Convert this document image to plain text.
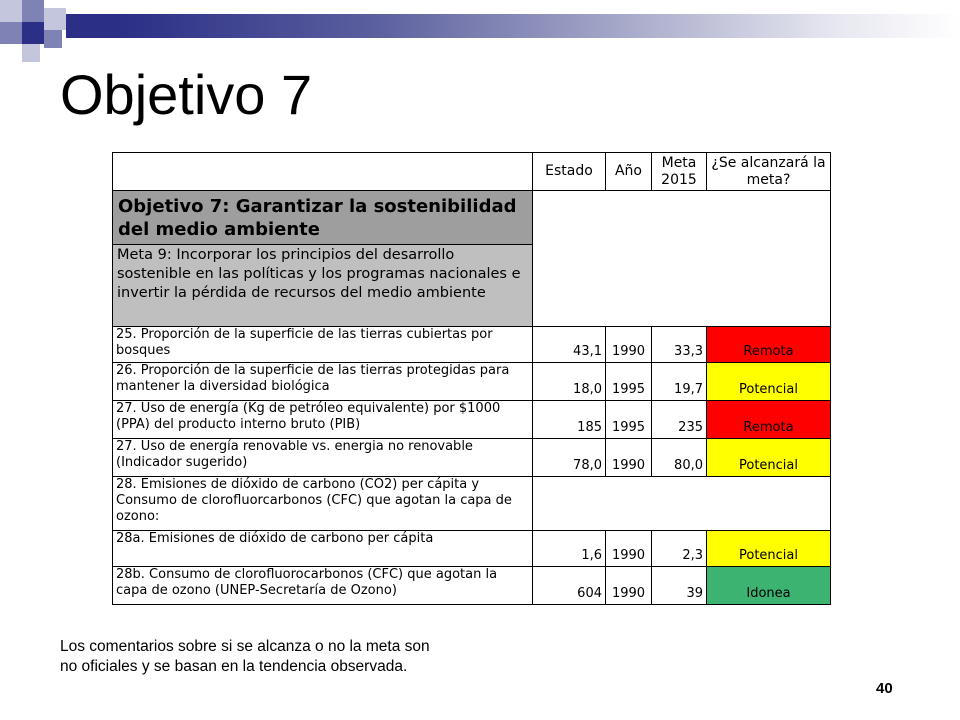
Objetivo 7
	Estado	Año	Meta 2015	¿Se alcanzará la meta?
Objetivo 7: Garantizar la sostenibilidad del medio ambiente				
Meta 9: Incorporar los principios del desarrollo sostenible en las políticas y los programas nacionales e invertir la pérdida de recursos del medio ambiente				
25. Proporción de la superficie de las tierras cubiertas por bosques	43,1	1990	33,3	Remota
26. Proporción de la superficie de las tierras protegidas para mantener la diversidad biológica	18,0	1995	19,7	Potencial
27. Uso de energía (Kg de petróleo equivalente) por $1000 (PPA) del producto interno bruto (PIB)	185	1995	235	Remota
27. Uso de energía renovable vs. energia no renovable (Indicador sugerido)	78,0	1990	80,0	Potencial
28. Emisiones de dióxido de carbono (CO2) per cápita y Consumo de clorofluorcarbonos (CFC) que agotan la capa de ozono:				
28a. Emisiones de dióxido de carbono per cápita	1,6	1990	2,3	Potencial
28b. Consumo de clorofluorocarbonos (CFC) que agotan la capa de ozono (UNEP-Secretaría de Ozono)	604	1990	39	Idonea

Los comentarios sobre si se alcanza o no la meta son
no oficiales y se basan en la tendencia observada.

40
